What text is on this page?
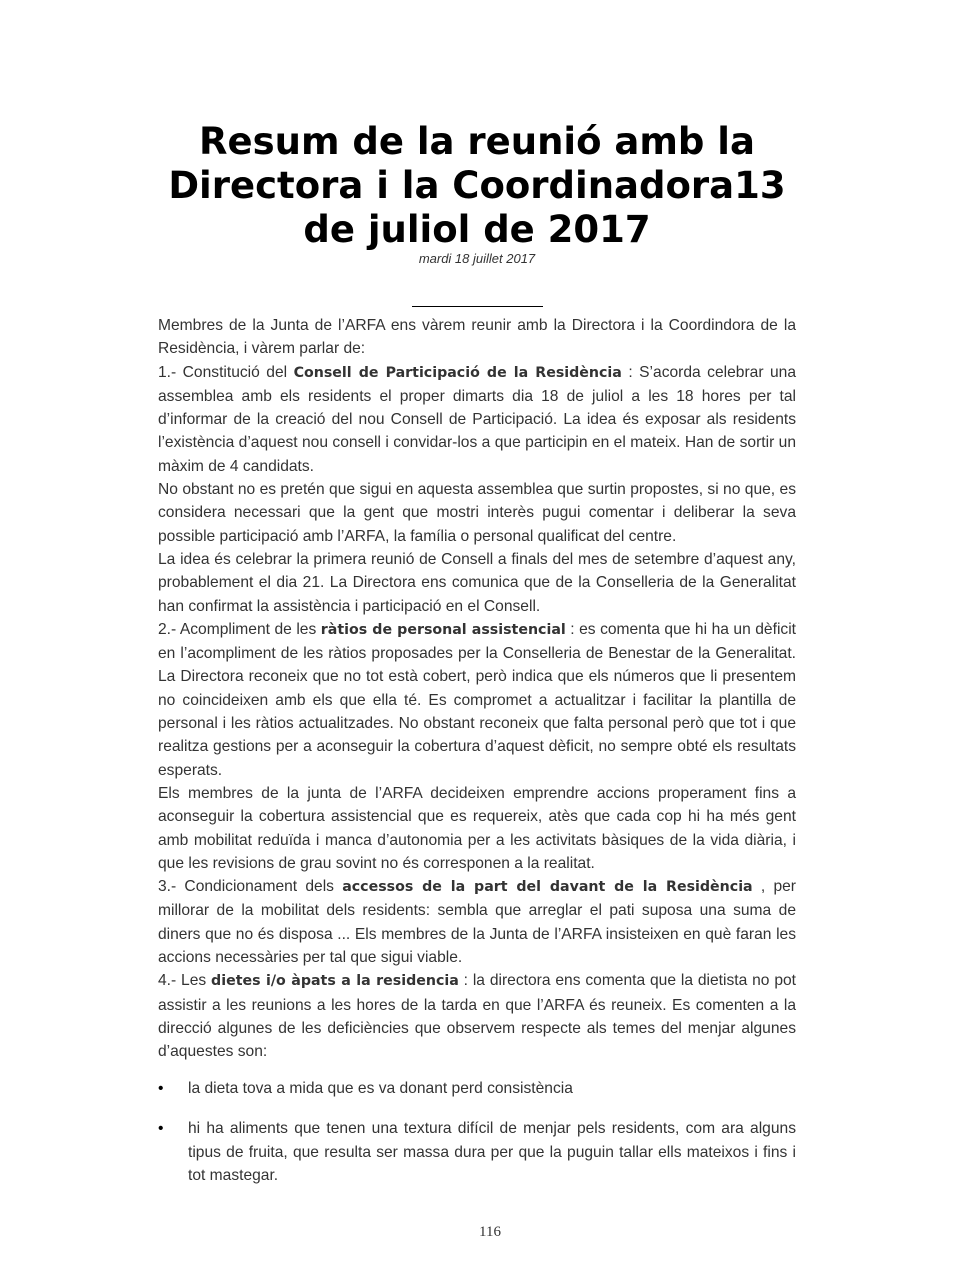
Resum de la reunió amb la
Directora i la Coordinadora13
de juliol de 2017
mardi 18 juillet 2017

Membres de la Junta de l’ARFA ens vàrem reunir amb la Directora i la Coordindora de la Residència, i vàrem parlar de:

1.- Constitució del Consell de Participació de la Residència : S’acorda celebrar una assemblea amb els residents el proper dimarts dia 18 de juliol a les 18 hores per tal d’informar de la creació del nou Consell de Participació. La idea és exposar als residents l’existència d’aquest nou consell i convidar-los a que participin en el mateix. Han de sortir un màxim de 4 candidats.

No obstant no es pretén que sigui en aquesta assemblea que surtin propostes, si no que, es considera necessari que la gent que mostri interès pugui comentar i deliberar la seva possible participació amb l’ARFA, la família o personal qualificat del centre.

La idea és celebrar la primera reunió de Consell a finals del mes de setembre d’aquest any, probablement el dia 21. La Directora ens comunica que de la Conselleria de la Generalitat han confirmat la assistència i participació en el Consell.

2.- Acompliment de les ràtios de personal assistencial : es comenta que hi ha un dèficit en l’acompliment de les ràtios proposades per la Conselleria de Benestar de la Generalitat. La Directora reconeix que no tot està cobert, però indica que els números que li presentem no coincideixen amb els que ella té. Es compromet a actualitzar i facilitar la plantilla de personal i les ràtios actualitzades. No obstant reconeix que falta personal però que tot i que realitza gestions per a aconseguir la cobertura d’aquest dèficit, no sempre obté els resultats esperats.

Els membres de la junta de l’ARFA decideixen emprendre accions properament fins a aconseguir la cobertura assistencial que es requereix, atès que cada cop hi ha més gent amb mobilitat reduïda i manca d’autonomia per a les activitats bàsiques de la vida diària, i que les revisions de grau sovint no és corresponen a la realitat.

3.- Condicionament dels accessos de la part del davant de la Residència , per millorar de la mobilitat dels residents: sembla que arreglar el pati suposa una suma de diners que no és disposa ... Els membres de la Junta de l’ARFA insisteixen en què faran les accions necessàries per tal que sigui viable.

4.- Les dietes i/o àpats a la residencia : la directora ens comenta que la dietista no pot assistir a les reunions a les hores de la tarda en que l’ARFA és reuneix. Es comenten a la direcció algunes de les deficiències que observem respecte als temes del menjar algunes d’aquestes son:

• la dieta tova a mida que es va donant perd consistència
• hi ha aliments que tenen una textura difícil de menjar pels residents, com ara alguns tipus de fruita, que resulta ser massa dura per que la puguin tallar ells mateixos i fins i tot mastegar.
116
